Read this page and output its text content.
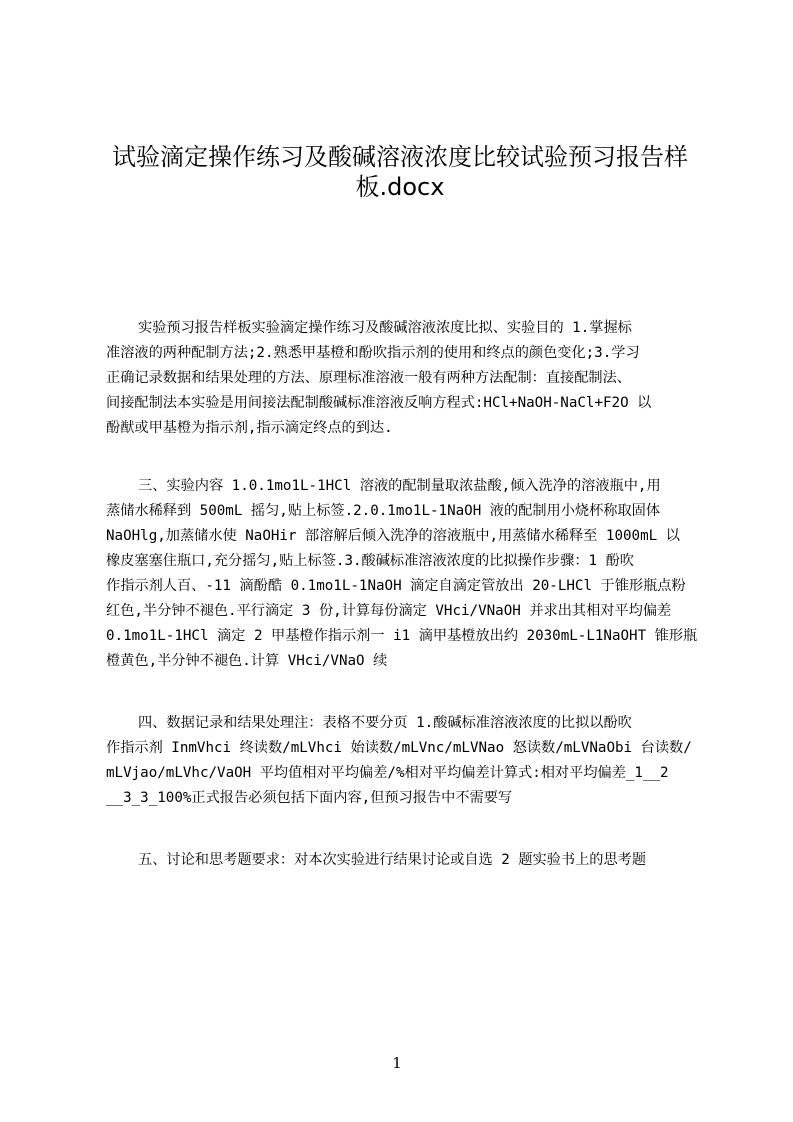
试验滴定操作练习及酸碱溶液浓度比较试验预习报告样
板.docx
实验预习报告样板实验滴定操作练习及酸碱溶液浓度比拟、实验目的 1.掌握标
准溶液的两种配制方法;2.熟悉甲基橙和酚吹指示剂的使用和终点的颜色变化;3.学习
正确记录数据和结果处理的方法、原理标准溶液一般有两种方法配制：直接配制法、
间接配制法本实验是用间接法配制酸碱标准溶液反响方程式:HCl+NaOH-NaCl+F2O 以
酚猷或甲基橙为指示剂,指示滴定终点的到达.
三、实验内容 1.0.1mo1L-1HCl 溶液的配制量取浓盐酸,倾入洗净的溶液瓶中,用
蒸储水稀释到 500mL 摇匀,贴上标签.2.0.1mo1L-1NaOH 液的配制用小烧杯称取固体
NaOHlg,加蒸储水使 NaOHir 部溶解后倾入洗净的溶液瓶中,用蒸储水稀释至 1000mL 以
橡皮塞塞住瓶口,充分摇匀,贴上标签.3.酸碱标准溶液浓度的比拟操作步骤：1 酚吹
作指示剂人百、-11 滴酚酷 0.1mo1L-1NaOH 滴定自滴定管放出 20-LHCl 于锥形瓶点粉
红色,半分钟不褪色.平行滴定 3 份,计算每份滴定 VHci/VNaOH 并求出其相对平均偏差
0.1mo1L-1HCl 滴定 2 甲基橙作指示剂一 i1 滴甲基橙放出约 2030mL-L1NaOHT 锥形瓶
橙黄色,半分钟不褪色.计算 VHci/VNaO 续
四、数据记录和结果处理注：表格不要分页 1.酸碱标准溶液浓度的比拟以酚吹
作指示剂 InmVhci 终读数/mLVhci 始读数/mLVnc/mLVNao 怒读数/mLVNaObi 台读数/
mLVjao/mLVhc/VaOH 平均值相对平均偏差/%相对平均偏差计算式:相对平均偏差_1__2
__3_3_100%正式报告必须包括下面内容,但预习报告中不需要写
五、讨论和思考题要求：对本次实验进行结果讨论或自选 2 题实验书上的思考题
1
